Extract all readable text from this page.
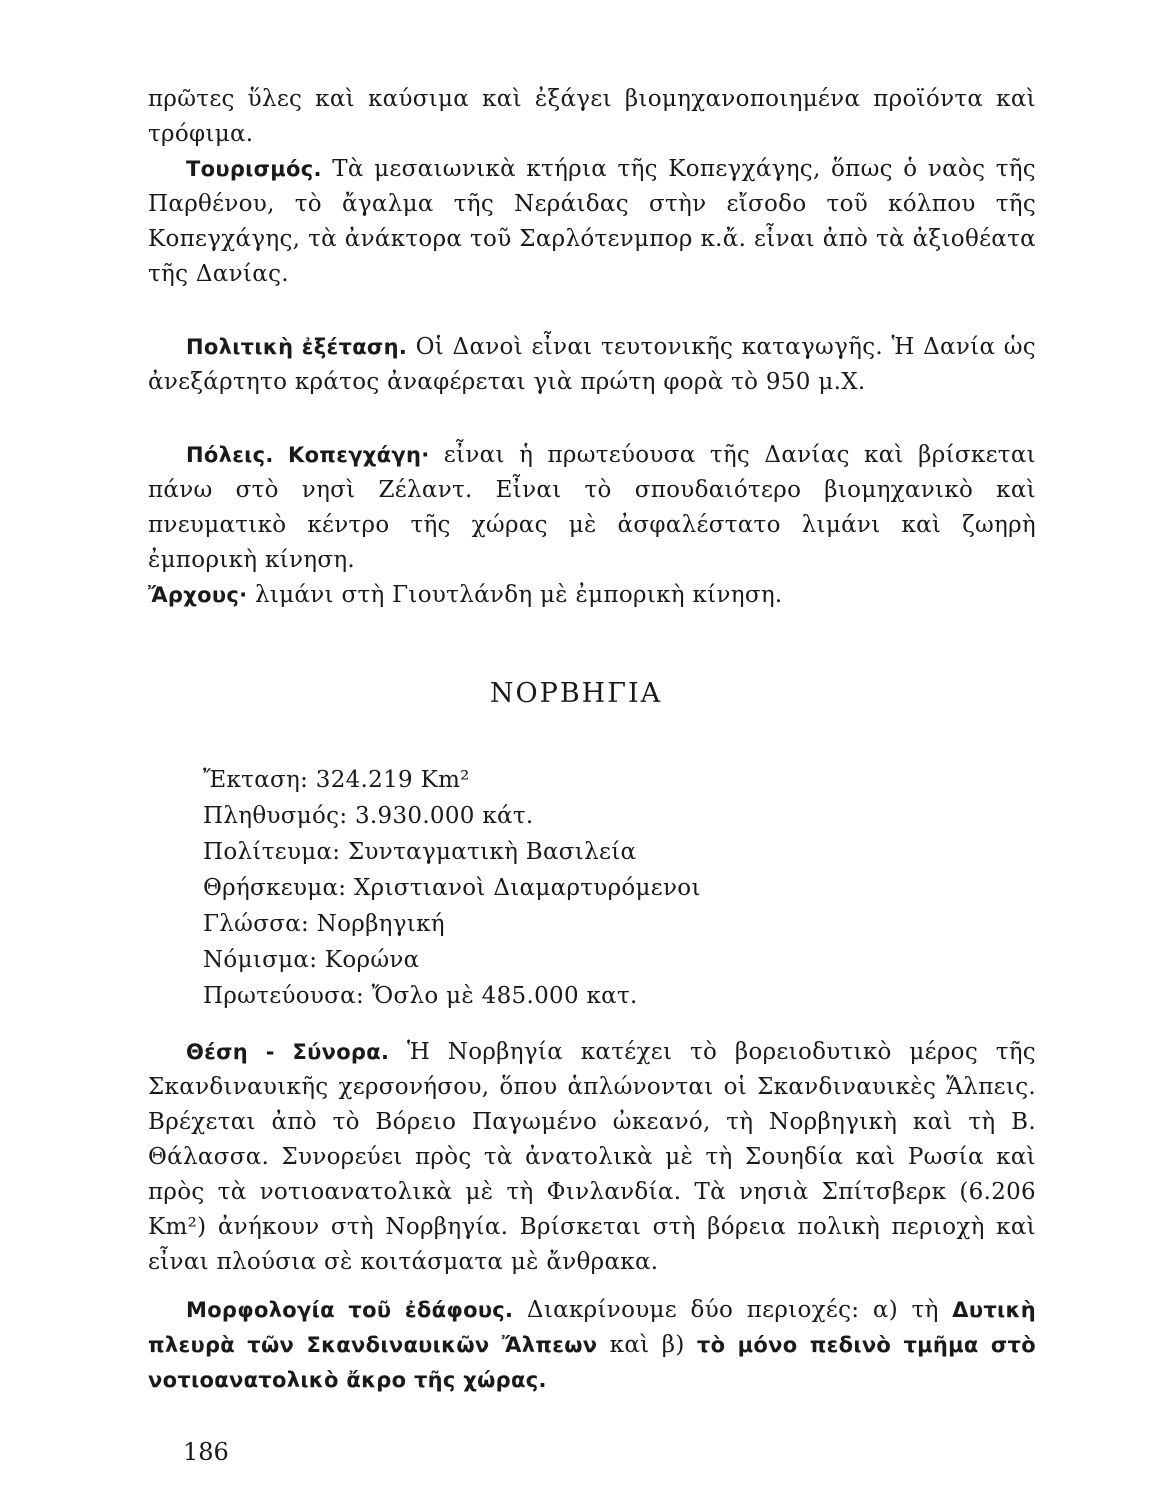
πρῶτες ὕλες καὶ καύσιμα καὶ ἐξάγει βιομηχανοποιημένα προϊόντα καὶ τρόφιμα.

Τουρισμός. Τὰ μεσαιωνικὰ κτήρια τῆς Κοπεγχάγης, ὅπως ὁ ναὸς τῆς Παρθένου, τὸ ἄγαλμα τῆς Νεράιδας στὴν εἴσοδο τοῦ κόλπου τῆς Κοπεγχάγης, τὰ ἀνάκτορα τοῦ Σαρλότενμπορ κ.ἄ. εἶναι ἀπὸ τὰ ἀξιοθέατα τῆς Δανίας.

Πολιτικὴ ἐξέταση. Οἱ Δανοὶ εἶναι τευτονικῆς καταγωγῆς. Ἡ Δανία ὡς ἀνεξάρτητο κράτος ἀναφέρεται γιὰ πρώτη φορὰ τὸ 950 μ.Χ.

Πόλεις. Κοπεγχάγη· εἶναι ἡ πρωτεύουσα τῆς Δανίας καὶ βρίσκεται πάνω στὸ νησὶ Ζέλαντ. Εἶναι τὸ σπουδαιότερο βιομηχανικὸ καὶ πνευματικὸ κέντρο τῆς χώρας μὲ ἀσφαλέστατο λιμάνι καὶ ζωηρὴ ἐμπορικὴ κίνηση.
Ἄρχους· λιμάνι στὴ Γιουτλάνδη μὲ ἐμπορικὴ κίνηση.

ΝΟΡΒΗΓΙΑ
Ἔκταση: 324.219 Km²
Πληθυσμός: 3.930.000 κάτ.
Πολίτευμα: Συνταγματικὴ Βασιλεία
Θρήσκευμα: Χριστιανοὶ Διαμαρτυρόμενοι
Γλώσσα: Νορβηγική
Νόμισμα: Κορώνα
Πρωτεύουσα: Ὄσλο μὲ 485.000 κατ.

Θέση - Σύνορα. Ἡ Νορβηγία κατέχει τὸ βορειοδυτικὸ μέρος τῆς Σκανδιναυικῆς χερσονήσου, ὅπου ἁπλώνονται οἱ Σκανδιναυικὲς Ἄλπεις. Βρέχεται ἀπὸ τὸ Βόρειο Παγωμένο ὠκεανό, τὴ Νορβηγικὴ καὶ τὴ Β. Θάλασσα. Συνορεύει πρὸς τὰ ἀνατολικὰ μὲ τὴ Σουηδία καὶ Ρωσία καὶ πρὸς τὰ νοτιοανατολικὰ μὲ τὴ Φινλανδία. Τὰ νησιὰ Σπίτσβερκ (6.206 Km²) ἀνήκουν στὴ Νορβηγία. Βρίσκεται στὴ βόρεια πολικὴ περιοχὴ καὶ εἶναι πλούσια σὲ κοιτάσματα μὲ ἄνθρακα.

Μορφολογία τοῦ ἐδάφους. Διακρίνουμε δύο περιοχές: α) τὴ Δυτικὴ πλευρὰ τῶν Σκανδιναυικῶν Ἄλπεων καὶ β) τὸ μόνο πεδινὸ τμῆμα στὸ νοτιοανατολικὸ ἄκρο τῆς χώρας.

186
